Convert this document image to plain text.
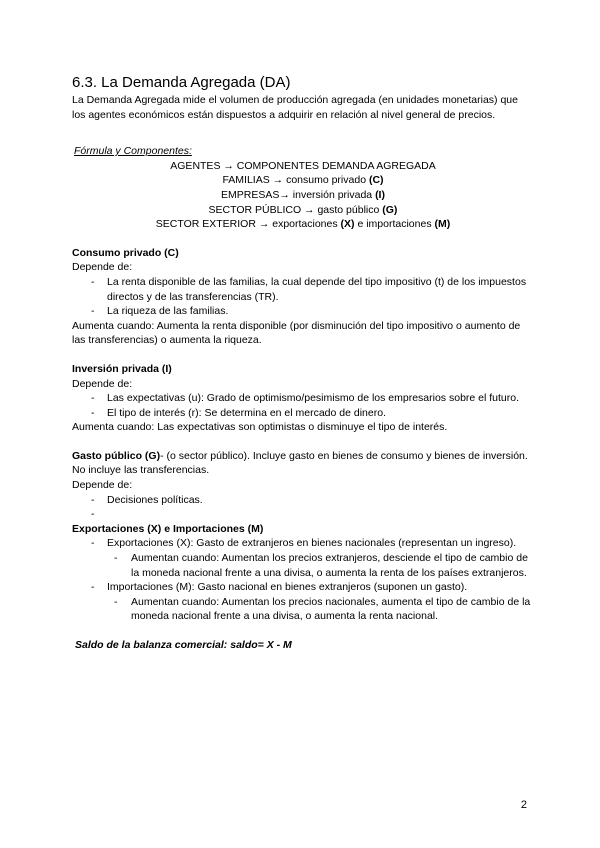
6.3. La Demanda Agregada (DA)

La Demanda Agregada mide el volumen de producción agregada (en unidades monetarias) que los agentes económicos están dispuestos a adquirir en relación al nivel general de precios.

Fórmula y Componentes:

AGENTES → COMPONENTES DEMANDA AGREGADA

FAMILIAS → consumo privado (C)

EMPRESAS→ inversión privada (I)

SECTOR PÚBLICO → gasto público (G)

SECTOR EXTERIOR → exportaciones (X) e importaciones (M)

Consumo privado (C)

Depende de:

- La renta disponible de las familias, la cual depende del tipo impositivo (t) de los impuestos directos y de las transferencias (TR).
- La riqueza de las familias.

Aumenta cuando: Aumenta la renta disponible (por disminución del tipo impositivo o aumento de las transferencias) o aumenta la riqueza.

Inversión privada (I)

Depende de:

- Las expectativas (u): Grado de optimismo/pesimismo de los empresarios sobre el futuro.
- El tipo de interés (r): Se determina en el mercado de dinero.

Aumenta cuando: Las expectativas son optimistas o disminuye el tipo de interés.

Gasto público (G)- (o sector público). Incluye gasto en bienes de consumo y bienes de inversión. No incluye las transferencias.

Depende de:

- Decisiones políticas.
-

Exportaciones (X) e Importaciones (M)

- Exportaciones (X): Gasto de extranjeros en bienes nacionales (representan un ingreso).
- Aumentan cuando: Aumentan los precios extranjeros, desciende el tipo de cambio de la moneda nacional frente a una divisa, o aumenta la renta de los países extranjeros.
- Importaciones (M): Gasto nacional en bienes extranjeros (suponen un gasto).
- Aumentan cuando: Aumentan los precios nacionales, aumenta el tipo de cambio de la moneda nacional frente a una divisa, o aumenta la renta nacional.

Saldo de la balanza comercial: saldo= X - M

2
